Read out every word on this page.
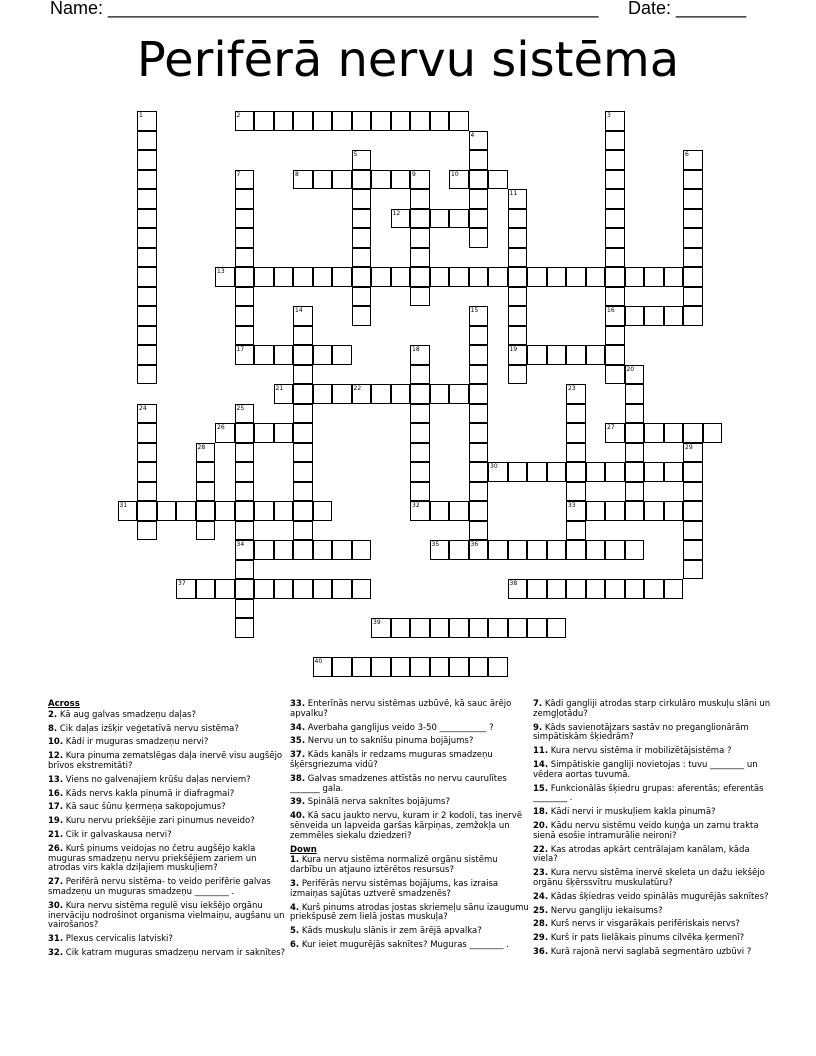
Name: _________________________________________________ Date: _______
Perifērā nervu sistēma
1	2	3
16
4
5	6
7
17
8	9	10
11
19
12
13
14	15
36
18
32
20
21	22	23
33
24	25
34
26	27
28	29
30
31
35
37	38
39
40
Across
2. Kā aug galvas smadzeņu daļas?
8. Cik daļas izšķir veģetatīvā nervu sistēma?
10. Kādi ir muguras smadzeņu nervi?
12. Kura pinuma zematslēgas daļa inervē visu augšējo brīvos ekstremitāti?
13. Viens no galvenajiem krūšu daļas nerviem?
16. Kāds nervs kakla pinumā ir diafragmai?
17. Kā sauc šūnu ķermeņa sakopojumus?
19. Kuru nervu priekšējie zari pinumus neveido?
21. Cik ir galvaskausa nervi?
26. Kurš pinums veidojas no četru augšējo kakla muguras smadzeņu nervu priekšējiem zariem un atrodas virs kakla dziļajiem muskuļiem?
27. Perifērā nervu sistēma- to veido perifērie galvas smadzeņu un muguras smadzeņu ________ .
30. Kura nervu sistēma regulē visu iekšējo orgānu inervāciju nodrošinot organisma vielmaiņu, augšanu un vairošanos?
31. Plexus cervicalis latviski?
32. Cik katram muguras smadzeņu nervam ir saknītes?
33. Enterīnās nervu sistēmas uzbūvē, kā sauc ārējo apvalku?
34. Averbaha ganglijus veido 3-50 ___________ ?
35. Nervu un to saknīšu pinuma bojājums?
37. Kāds kanāls ir redzams muguras smadzeņu šķērsgriezuma vidū?
38. Galvas smadzenes attīstās no nervu caurulītes _______ gala.
39. Spinālā nerva saknītes bojājums?
40. Kā sacu jaukto nervu, kuram ir 2 kodoli, tas inervē sēnveida un lapveida garšas kārpiņas, zemžokļa un zemmēles siekalu dziedzeri?
Down
1. Kura nervu sistēma normalizē orgānu sistēmu darbību un atjauno iztērētos resursus?
3. Perifērās nervu sistēmas bojājums, kas izraisa izmaiņas sajūtas uztverē smadzenēs?
4. Kurš pinums atrodas jostas skriemeļu sānu izaugumu priekšpusē zem lielā jostas muskuļa?
5. Kāds muskuļu slānis ir zem ārējā apvalka?
6. Kur ieiet mugurējās saknītes? Muguras ________ .
7. Kādi gangliji atrodas starp cirkulāro muskuļu slāni un zemgļotādu?
9. Kāds savienotājzars sastāv no preganglionārām simpātiskām šķiedrām?
11. Kura nervu sistēma ir mobilizētājsistēma ?
14. Simpātiskie gangliji novietojas : tuvu ________ un vēdera aortas tuvumā.
15. Funkcionālās šķiedru grupas: aferentās; eferentās ________ .
18. Kādi nervi ir muskuļiem kakla pinumā?
20. Kādu nervu sistēmu veido kuņģa un zarnu trakta sienā esošie intramurālie neironi?
22. Kas atrodas apkārt centrālajam kanālam, kāda viela?
23. Kura nervu sistēma inervē skeleta un dažu iekšējo orgānu šķērssvītru muskulatūru?
24. Kādas šķiedras veido spinālās mugurējās saknītes?
25. Nervu gangliju iekaisums?
28. Kurš nervs ir visgarākais perifēriskais nervs?
29. Kurš ir pats lielākais pinums cilvēka ķermenī?
36. Kurā rajonā nervi saglabā segmentāro uzbūvi ?
